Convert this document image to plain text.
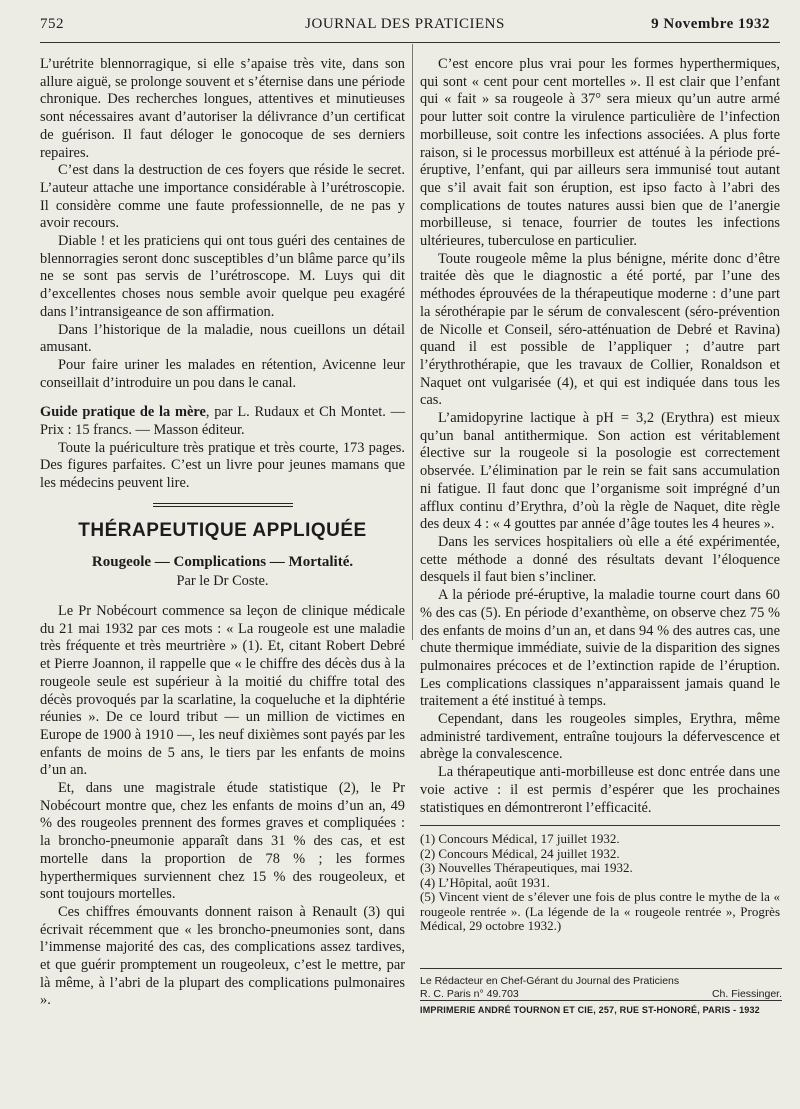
752	JOURNAL DES PRATICIENS	9 Novembre 1932

L’urétrite blennorragique, si elle s’apaise très vite, dans son allure aiguë, se prolonge souvent et s’éternise dans une période chronique. Des recherches longues, attentives et minutieuses sont nécessaires avant d’autoriser la délivrance d’un certificat de guérison. Il faut déloger le gonocoque de ses derniers repaires.

C’est dans la destruction de ces foyers que réside le secret. L’auteur attache une importance considérable à l’urétroscopie. Il considère comme une faute professionnelle, de ne pas y avoir recours.

Diable ! et les praticiens qui ont tous guéri des centaines de blennorragies seront donc susceptibles d’un blâme parce qu’ils ne se sont pas servis de l’urétroscope. M. Luys qui dit d’excellentes choses nous semble avoir quelque peu exagéré dans l’intransigeance de son affirmation.

Dans l’historique de la maladie, nous cueillons un détail amusant.

Pour faire uriner les malades en rétention, Avicenne leur conseillait d’introduire un pou dans le canal.

Guide pratique de la mère, par L. Rudaux et Ch Montet. — Prix : 15 francs. — Masson éditeur.

Toute la puériculture très pratique et très courte, 173 pages. Des figures parfaites. C’est un livre pour jeunes mamans que les médecins peuvent lire.

THÉRAPEUTIQUE APPLIQUÉE
Rougeole — Complications — Mortalité.
Par le Dr Coste.

Le Pr Nobécourt commence sa leçon de clinique médicale du 21 mai 1932 par ces mots : « La rougeole est une maladie très fréquente et très meurtrière » (1). Et, citant Robert Debré et Pierre Joannon, il rappelle que « le chiffre des décès dus à la rougeole seule est supérieur à la moitié du chiffre total des décès provoqués par la scarlatine, la coqueluche et la diphtérie réunies ». De ce lourd tribut — un million de victimes en Europe de 1900 à 1910 —, les neuf dixièmes sont payés par les enfants de moins de 5 ans, le tiers par les enfants de moins d’un an.

Et, dans une magistrale étude statistique (2), le Pr Nobécourt montre que, chez les enfants de moins d’un an, 49 % des rougeoles prennent des formes graves et compliquées : la broncho-pneumonie apparaît dans 31 % des cas, et est mortelle dans la proportion de 78 % ; les formes hyperthermiques surviennent chez 15 % des rougeoleux, et sont toujours mortelles.

Ces chiffres émouvants donnent raison à Renault (3) qui écrivait récemment que « les broncho-pneumonies sont, dans l’immense majorité des cas, des complications assez tardives, et que guérir promptement un rougeoleux, c’est le mettre, par là même, à l’abri de la plupart des complications pulmonaires ».

C’est encore plus vrai pour les formes hyperthermiques, qui sont « cent pour cent mortelles ». Il est clair que l’enfant qui « fait » sa rougeole à 37° sera mieux qu’un autre armé pour lutter soit contre la virulence particulière de l’infection morbilleuse, soit contre les infections associées. A plus forte raison, si le processus morbilleux est atténué à la période pré-éruptive, l’enfant, qui par ailleurs sera immunisé tout autant que s’il avait fait son éruption, est ipso facto à l’abri des complications de toutes natures aussi bien que de l’anergie morbilleuse, si tenace, fourrier de toutes les infections ultérieures, tuberculose en particulier.

Toute rougeole même la plus bénigne, mérite donc d’être traitée dès que le diagnostic a été porté, par l’une des méthodes éprouvées de la thérapeutique moderne : d’une part la sérothérapie par le sérum de convalescent (séro-prévention de Nicolle et Conseil, séro-atténuation de Debré et Ravina) quand il est possible de l’appliquer ; d’autre part l’érythrothérapie, que les travaux de Collier, Ronaldson et Naquet ont vulgarisée (4), et qui est indiquée dans tous les cas.

L’amidopyrine lactique à pH = 3,2 (Erythra) est mieux qu’un banal antithermique. Son action est véritablement élective sur la rougeole si la posologie est correctement observée. L’élimination par le rein se fait sans accumulation ni fatigue. Il faut donc que l’organisme soit imprégné d’un afflux continu d’Erythra, d’où la règle de Naquet, dite règle des deux 4 : « 4 gouttes par année d’âge toutes les 4 heures ».

Dans les services hospitaliers où elle a été expérimentée, cette méthode a donné des résultats devant l’éloquence desquels il faut bien s’incliner.

A la période pré-éruptive, la maladie tourne court dans 60 % des cas (5). En période d’exanthème, on observe chez 75 % des enfants de moins d’un an, et dans 94 % des autres cas, une chute thermique immédiate, suivie de la disparition des signes pulmonaires précoces et de l’extinction rapide de l’éruption. Les complications classiques n’apparaissent jamais quand le traitement a été institué à temps.

Cependant, dans les rougeoles simples, Erythra, même administré tardivement, entraîne toujours la défervescence et abrège la convalescence.

La thérapeutique anti-morbilleuse est donc entrée dans une voie active : il est permis d’espérer que les prochaines statistiques en démontreront l’efficacité.

(1) Concours Médical, 17 juillet 1932.

(2) Concours Médical, 24 juillet 1932.

(3) Nouvelles Thérapeutiques, mai 1932.

(4) L’Hôpital, août 1931.

(5) Vincent vient de s’élever une fois de plus contre le mythe de la « rougeole rentrée ». (La légende de la « rougeole rentrée », Progrès Médical, 29 octobre 1932.)

Le Rédacteur en Chef-Gérant du Journal des Praticiens
R. C. Paris n° 49.703	Ch. Fiessinger.
IMPRIMERIE ANDRÉ TOURNON ET CIE, 257, RUE ST-HONORÉ, PARIS - 1932
